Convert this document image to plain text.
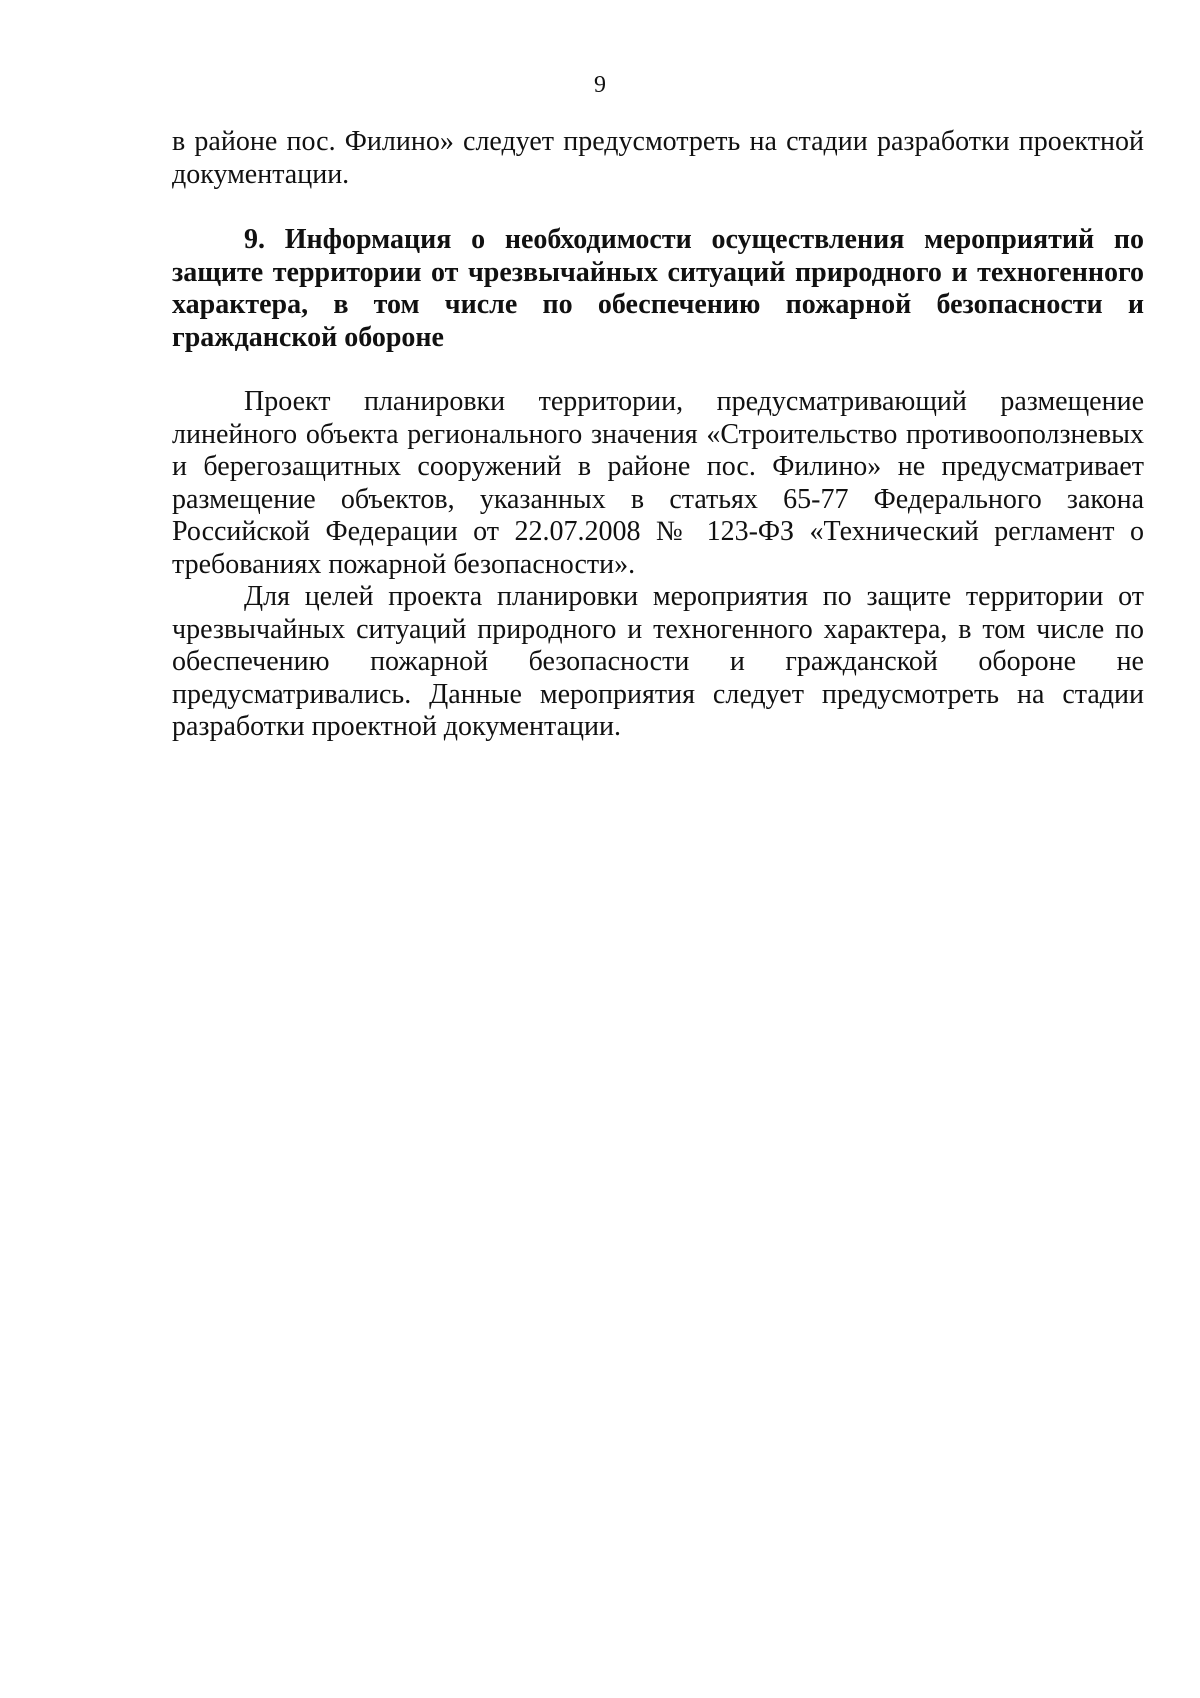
9
в районе пос. Филино» следует предусмотреть на стадии разработки проектной документации.
9. Информация о необходимости осуществления мероприятий по защите территории от чрезвычайных ситуаций природного и техногенного характера, в том числе по обеспечению пожарной безопасности и гражданской обороне

Проект планировки территории, предусматривающий размещение линейного объекта регионального значения «Строительство противооползневых и берегозащитных сооружений в районе пос. Филино» не предусматривает размещение объектов, указанных в статьях 65-77 Федерального закона Российской Федерации от 22.07.2008 № 123-ФЗ «Технический регламент о требованиях пожарной безопасности».

Для целей проекта планировки мероприятия по защите территории от чрезвычайных ситуаций природного и техногенного характера, в том числе по обеспечению пожарной безопасности и гражданской обороне не предусматривались. Данные мероприятия следует предусмотреть на стадии разработки проектной документации.
